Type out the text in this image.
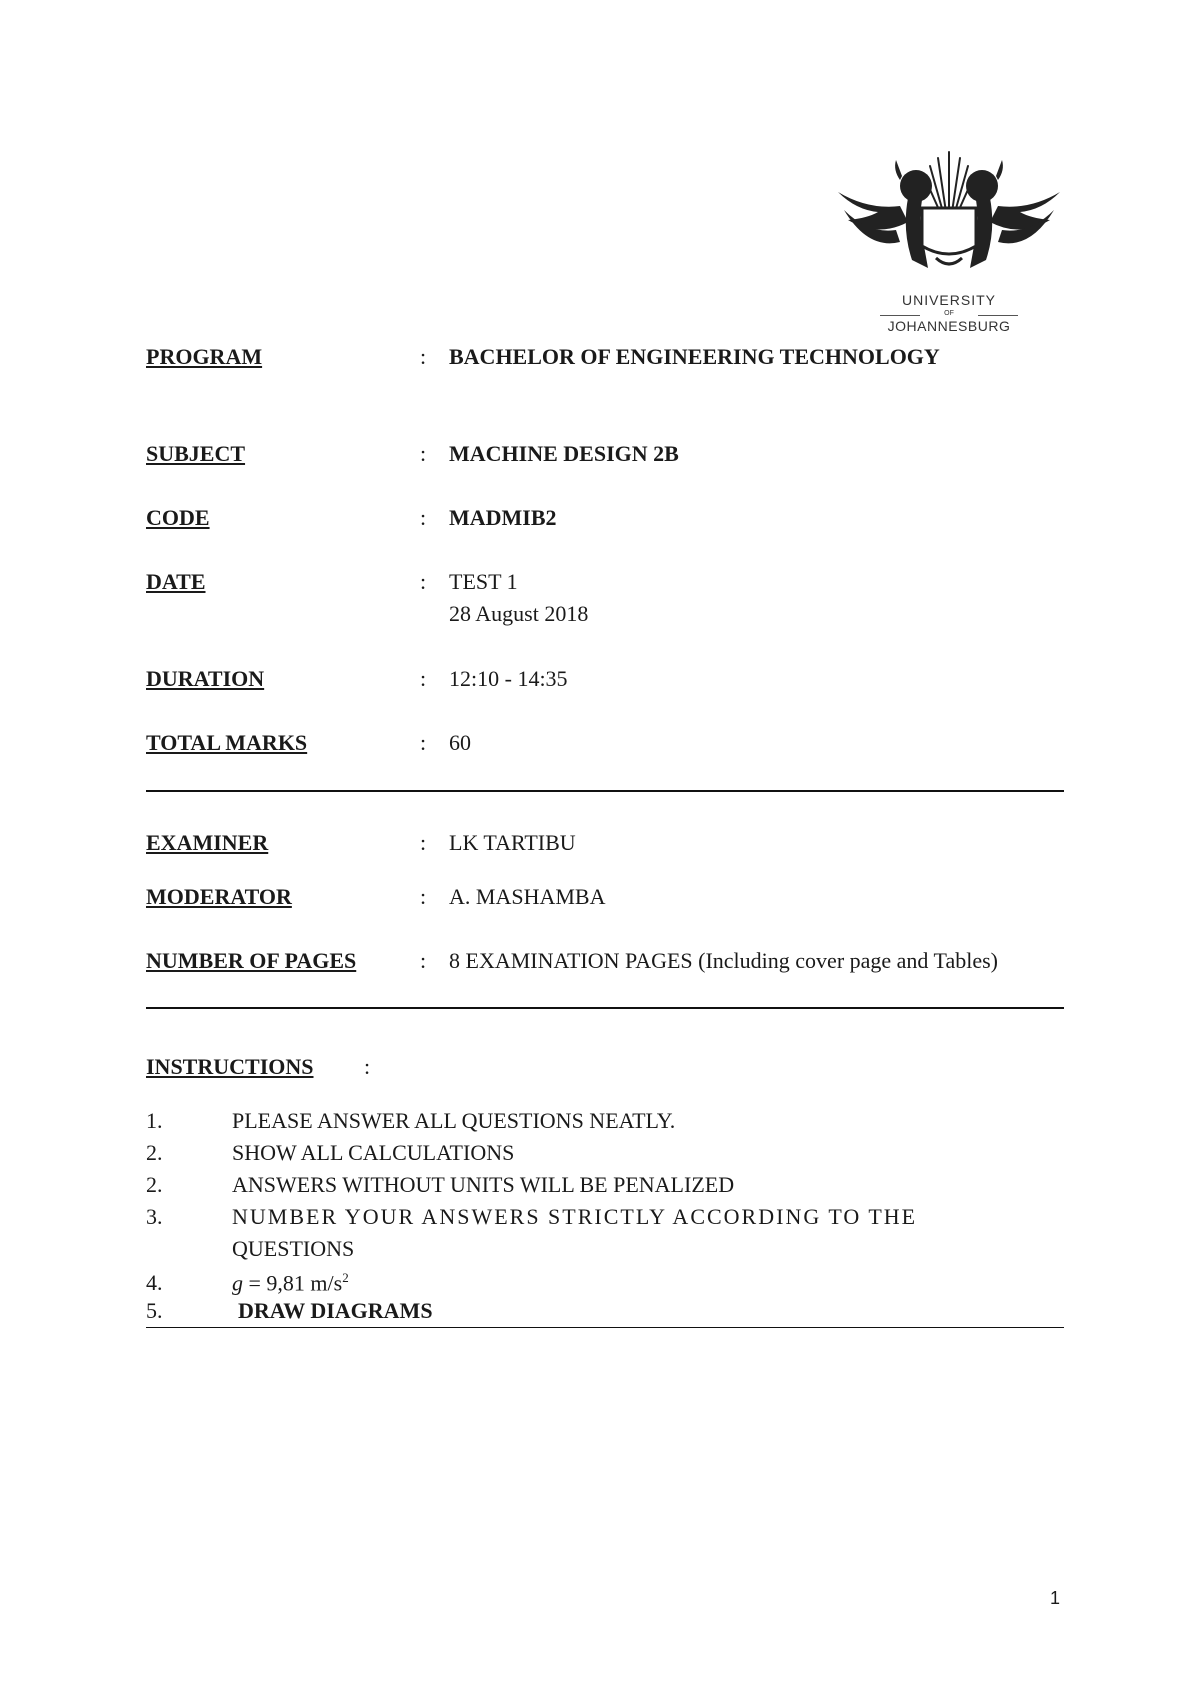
UNIVERSITY
OF
JOHANNESBURG
PROGRAM	: BACHELOR OF ENGINEERING TECHNOLOGY
SUBJECT	: MACHINE DESIGN 2B
CODE	: MADMIB2
DATE	: TEST 1
28 August 2018
DURATION	: 12:10 - 14:35
TOTAL MARKS	: 60
EXAMINER	: LK TARTIBU
MODERATOR	: A. MASHAMBA
NUMBER OF PAGES	: 8 EXAMINATION PAGES (Including cover page and Tables)
INSTRUCTIONS :
1.	PLEASE ANSWER ALL QUESTIONS NEATLY.
2.	SHOW ALL CALCULATIONS
2.	ANSWERS WITHOUT UNITS WILL BE PENALIZED
3.	NUMBER YOUR ANSWERS STRICTLY ACCORDING TO THE
QUESTIONS
4.	g = 9,81 $m/s^2$
5.	DRAW DIAGRAMS
1
